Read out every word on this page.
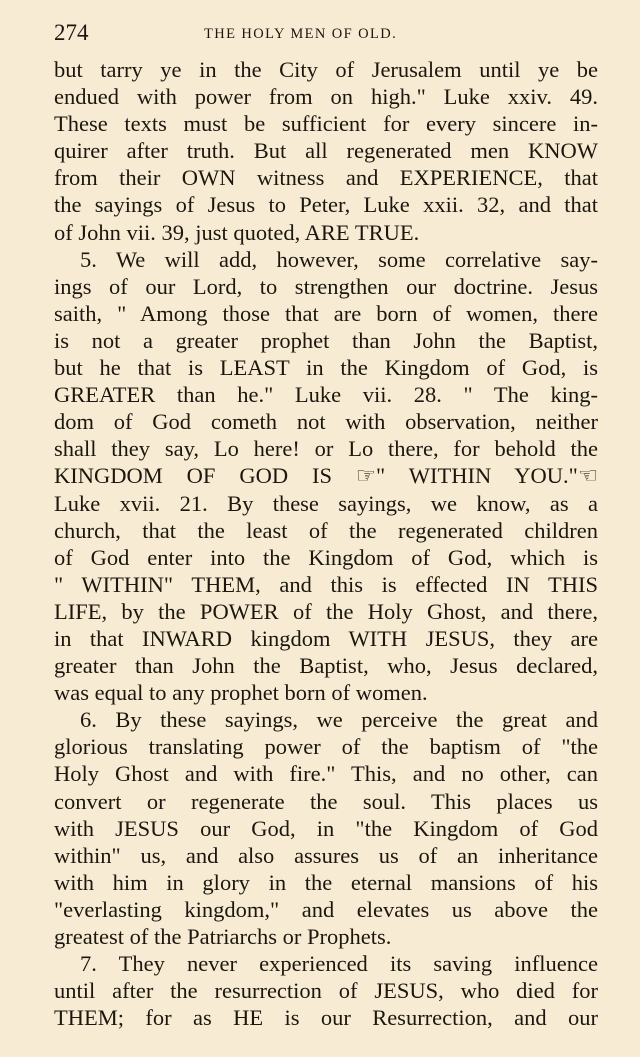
274	THE HOLY MEN OF OLD.
but tarry ye in the City of Jerusalem until ye be
endued with power from on high." Luke xxiv. 49.
These texts must be sufficient for every sincere in-
quirer after truth. But all regenerated men KNOW
from their OWN witness and EXPERIENCE, that
the sayings of Jesus to Peter, Luke xxii. 32, and that
of John vii. 39, just quoted, ARE TRUE.
5. We will add, however, some correlative say-
ings of our Lord, to strengthen our doctrine. Jesus
saith, " Among those that are born of women, there
is not a greater prophet than John the Baptist,
but he that is LEAST in the Kingdom of God, is
GREATER than he." Luke vii. 28. " The king-
dom of God cometh not with observation, neither
shall they say, Lo here! or Lo there, for behold the
KINGDOM OF GOD IS ☞" WITHIN YOU."☜
Luke xvii. 21. By these sayings, we know, as a
church, that the least of the regenerated children
of God enter into the Kingdom of God, which is
" WITHIN" THEM, and this is effected IN THIS
LIFE, by the POWER of the Holy Ghost, and there,
in that INWARD kingdom WITH JESUS, they are
greater than John the Baptist, who, Jesus declared,
was equal to any prophet born of women.
6. By these sayings, we perceive the great and
glorious translating power of the baptism of "the
Holy Ghost and with fire." This, and no other, can
convert or regenerate the soul. This places us
with JESUS our God, in "the Kingdom of God
within" us, and also assures us of an inheritance
with him in glory in the eternal mansions of his
"everlasting kingdom," and elevates us above the
greatest of the Patriarchs or Prophets.
7. They never experienced its saving influence
until after the resurrection of JESUS, who died for
THEM; for as HE is our Resurrection, and our
